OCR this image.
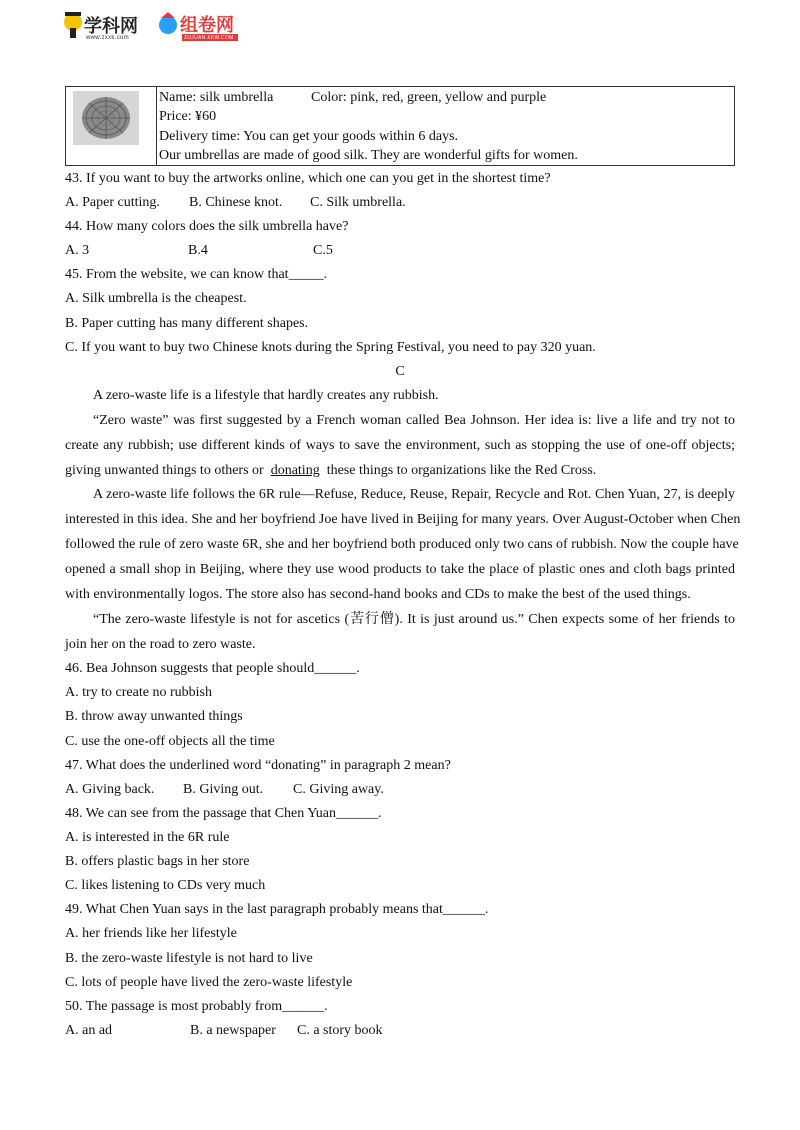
学科网
www.zxxk.com
组卷网
ZUJUAN.XKW.COM
Name: silk umbrella	Color: pink, red, green, yellow and purple
Price: ¥60
Delivery time: You can get your goods within 6 days.
Our umbrellas are made of good silk. They are wonderful gifts for women.
43. If you want to buy the artworks online, which one can you get in the shortest time?
A. Paper cutting. B. Chinese knot. C. Silk umbrella.
44. How many colors does the silk umbrella have?
A. 3	B.4	C.5
45. From the website, we can know that_____.
A. Silk umbrella is the cheapest.
B. Paper cutting has many different shapes.
C. If you want to buy two Chinese knots during the Spring Festival, you need to pay 320 yuan.
C
A zero-waste life is a lifestyle that hardly creates any rubbish.
“Zero waste” was first suggested by a French woman called Bea Johnson. Her idea is: live a life and try not to
create any rubbish; use different kinds of ways to save the environment, such as stopping the use of one-off objects;
giving unwanted things to others or donating these things to organizations like the Red Cross.
A zero-waste life follows the 6R rule—Refuse, Reduce, Reuse, Repair, Recycle and Rot. Chen Yuan, 27, is deeply
interested in this idea. She and her boyfriend Joe have lived in Beijing for many years. Over August-October when Chen
followed the rule of zero waste 6R, she and her boyfriend both produced only two cans of rubbish. Now the couple have
opened a small shop in Beijing, where they use wood products to take the place of plastic ones and cloth bags printed
with environmentally logos. The store also has second-hand books and CDs to make the best of the used things.
“The zero-waste lifestyle is not for ascetics (苦行僧). It is just around us.” Chen expects some of her friends to
join her on the road to zero waste.
46. Bea Johnson suggests that people should______.
A. try to create no rubbish
B. throw away unwanted things
C. use the one-off objects all the time
47. What does the underlined word “donating” in paragraph 2 mean?
A. Giving back. B. Giving out. C. Giving away.
48. We can see from the passage that Chen Yuan______.
A. is interested in the 6R rule
B. offers plastic bags in her store
C. likes listening to CDs very much
49. What Chen Yuan says in the last paragraph probably means that______.
A. her friends like her lifestyle
B. the zero-waste lifestyle is not hard to live
C. lots of people have lived the zero-waste lifestyle
50. The passage is most probably from______.
A. an ad	B. a newspaper C. a story book
